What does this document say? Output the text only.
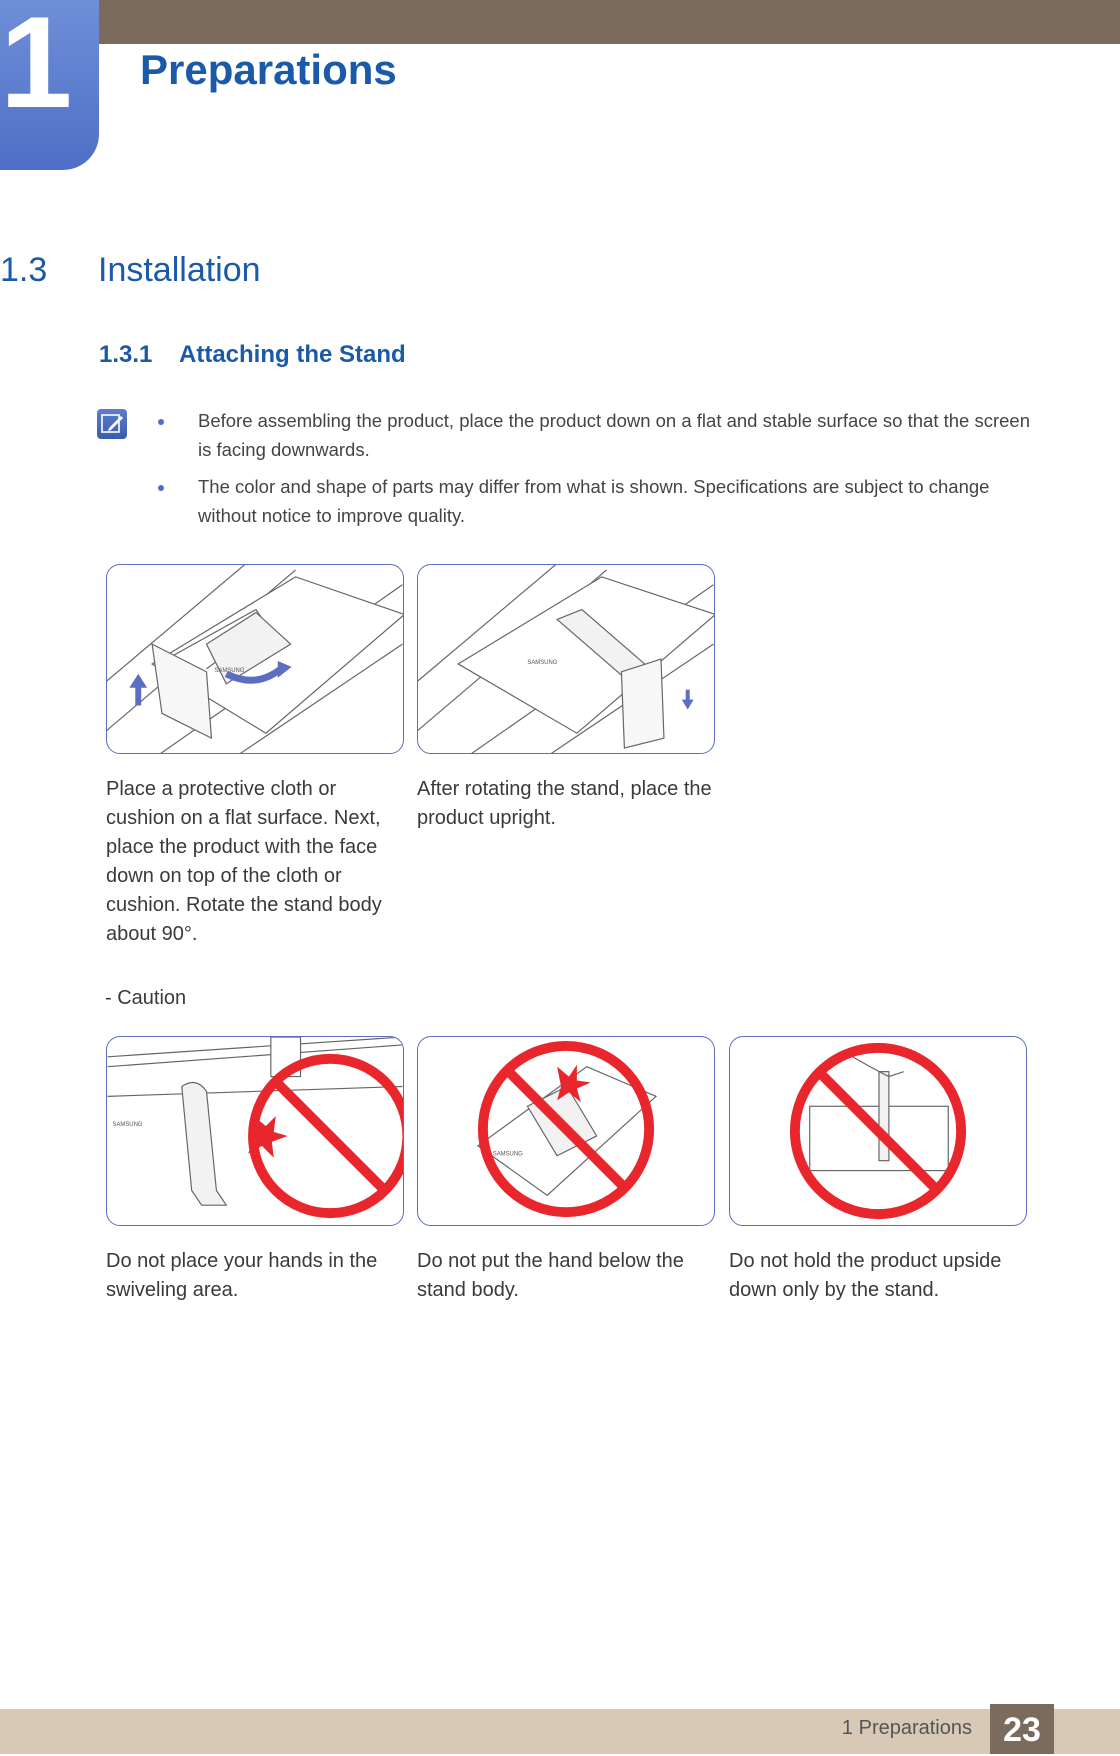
1 Preparations
1.3 Installation
1.3.1 Attaching the Stand
Before assembling the product, place the product down on a flat and stable surface so that the screen is facing downwards.
The color and shape of parts may differ from what is shown. Specifications are subject to change without notice to improve quality.
SAMSUNG
Place a protective cloth or cushion on a flat surface. Next, place the product with the face down on top of the cloth or cushion. Rotate the stand body about 90°.
SAMSUNG
After rotating the stand, place the product upright.
- Caution
SAMSUNG
Do not place your hands in the swiveling area.
SAMSUNG
Do not put the hand below the stand body.
Do not hold the product upside down only by the stand.
1 Preparations 23
